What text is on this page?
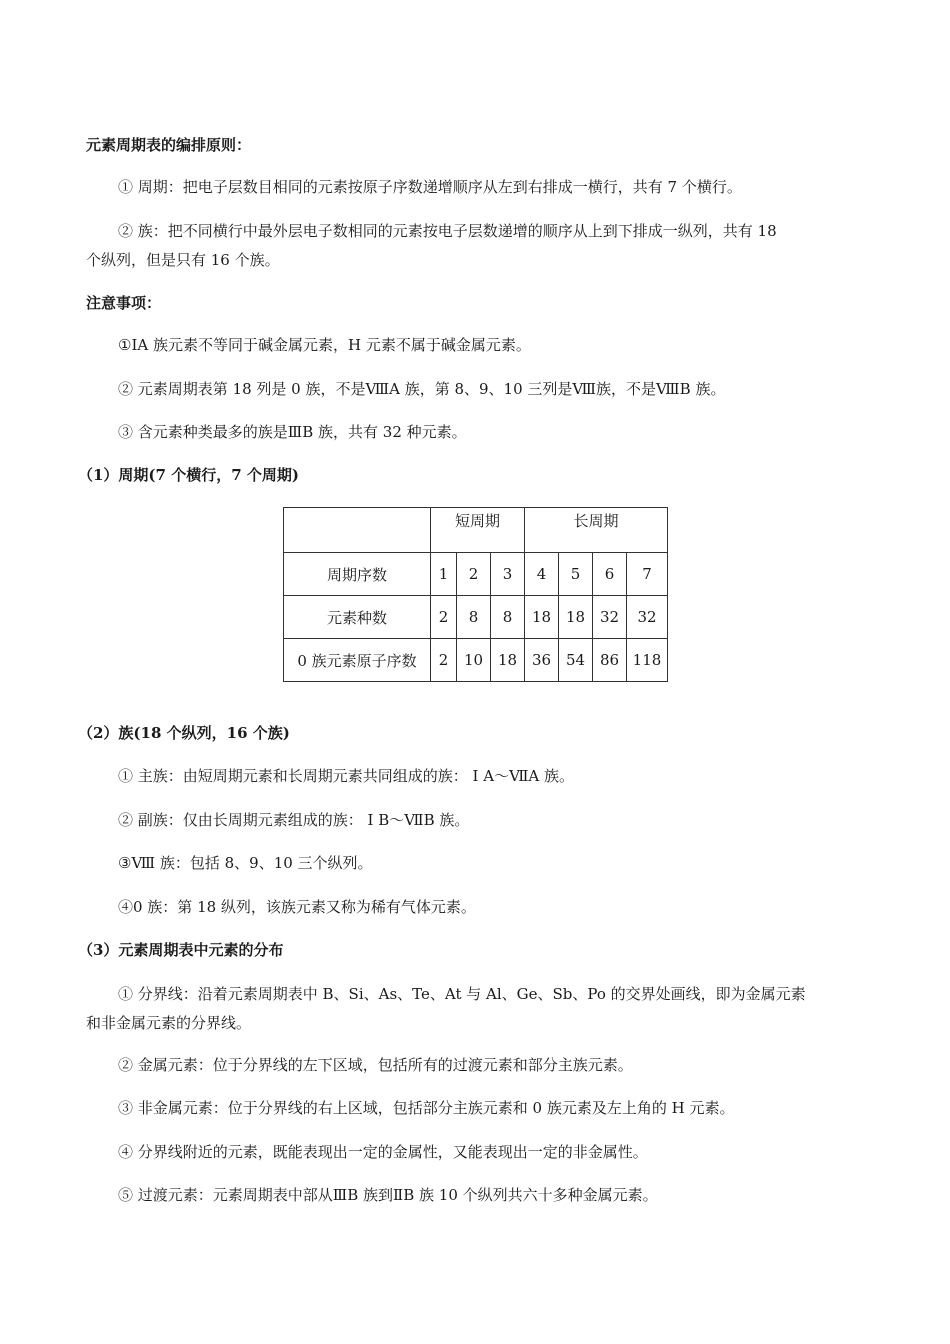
元素周期表的编排原则：
① 周期：把电子层数目相同的元素按原子序数递增顺序从左到右排成一横行，共有 7 个横行。
② 族：把不同横行中最外层电子数相同的元素按电子层数递增的顺序从上到下排成一纵列，共有 18
个纵列，但是只有 16 个族。
注意事项：
①ⅠA 族元素不等同于碱金属元素，H 元素不属于碱金属元素。
② 元素周期表第 18 列是 0 族，不是ⅧA 族，第 8、9、10 三列是Ⅷ族，不是ⅧB 族。
③ 含元素种类最多的族是ⅢB 族，共有 32 种元素。
（1）周期(7 个横行，7 个周期)
	短周期			长周期			
周期序数	1	2	3	4	5	6	7
元素种数	2	8	8	18	18	32	32
0 族元素原子序数	2	10	18	36	54	86	118
（2）族(18 个纵列，16 个族)
① 主族：由短周期元素和长周期元素共同组成的族： Ⅰ A～ⅦA 族。
② 副族：仅由长周期元素组成的族： Ⅰ B～ⅦB 族。
③Ⅷ 族：包括 8、9、10 三个纵列。
④0 族：第 18 纵列，该族元素又称为稀有气体元素。
（3）元素周期表中元素的分布
① 分界线：沿着元素周期表中 B、Si、As、Te、At 与 Al、Ge、Sb、Po 的交界处画线，即为金属元素
和非金属元素的分界线。
② 金属元素：位于分界线的左下区域，包括所有的过渡元素和部分主族元素。
③ 非金属元素：位于分界线的右上区域，包括部分主族元素和 0 族元素及左上角的 H 元素。
④ 分界线附近的元素，既能表现出一定的金属性，又能表现出一定的非金属性。
⑤ 过渡元素：元素周期表中部从ⅢB 族到ⅡB 族 10 个纵列共六十多种金属元素。
